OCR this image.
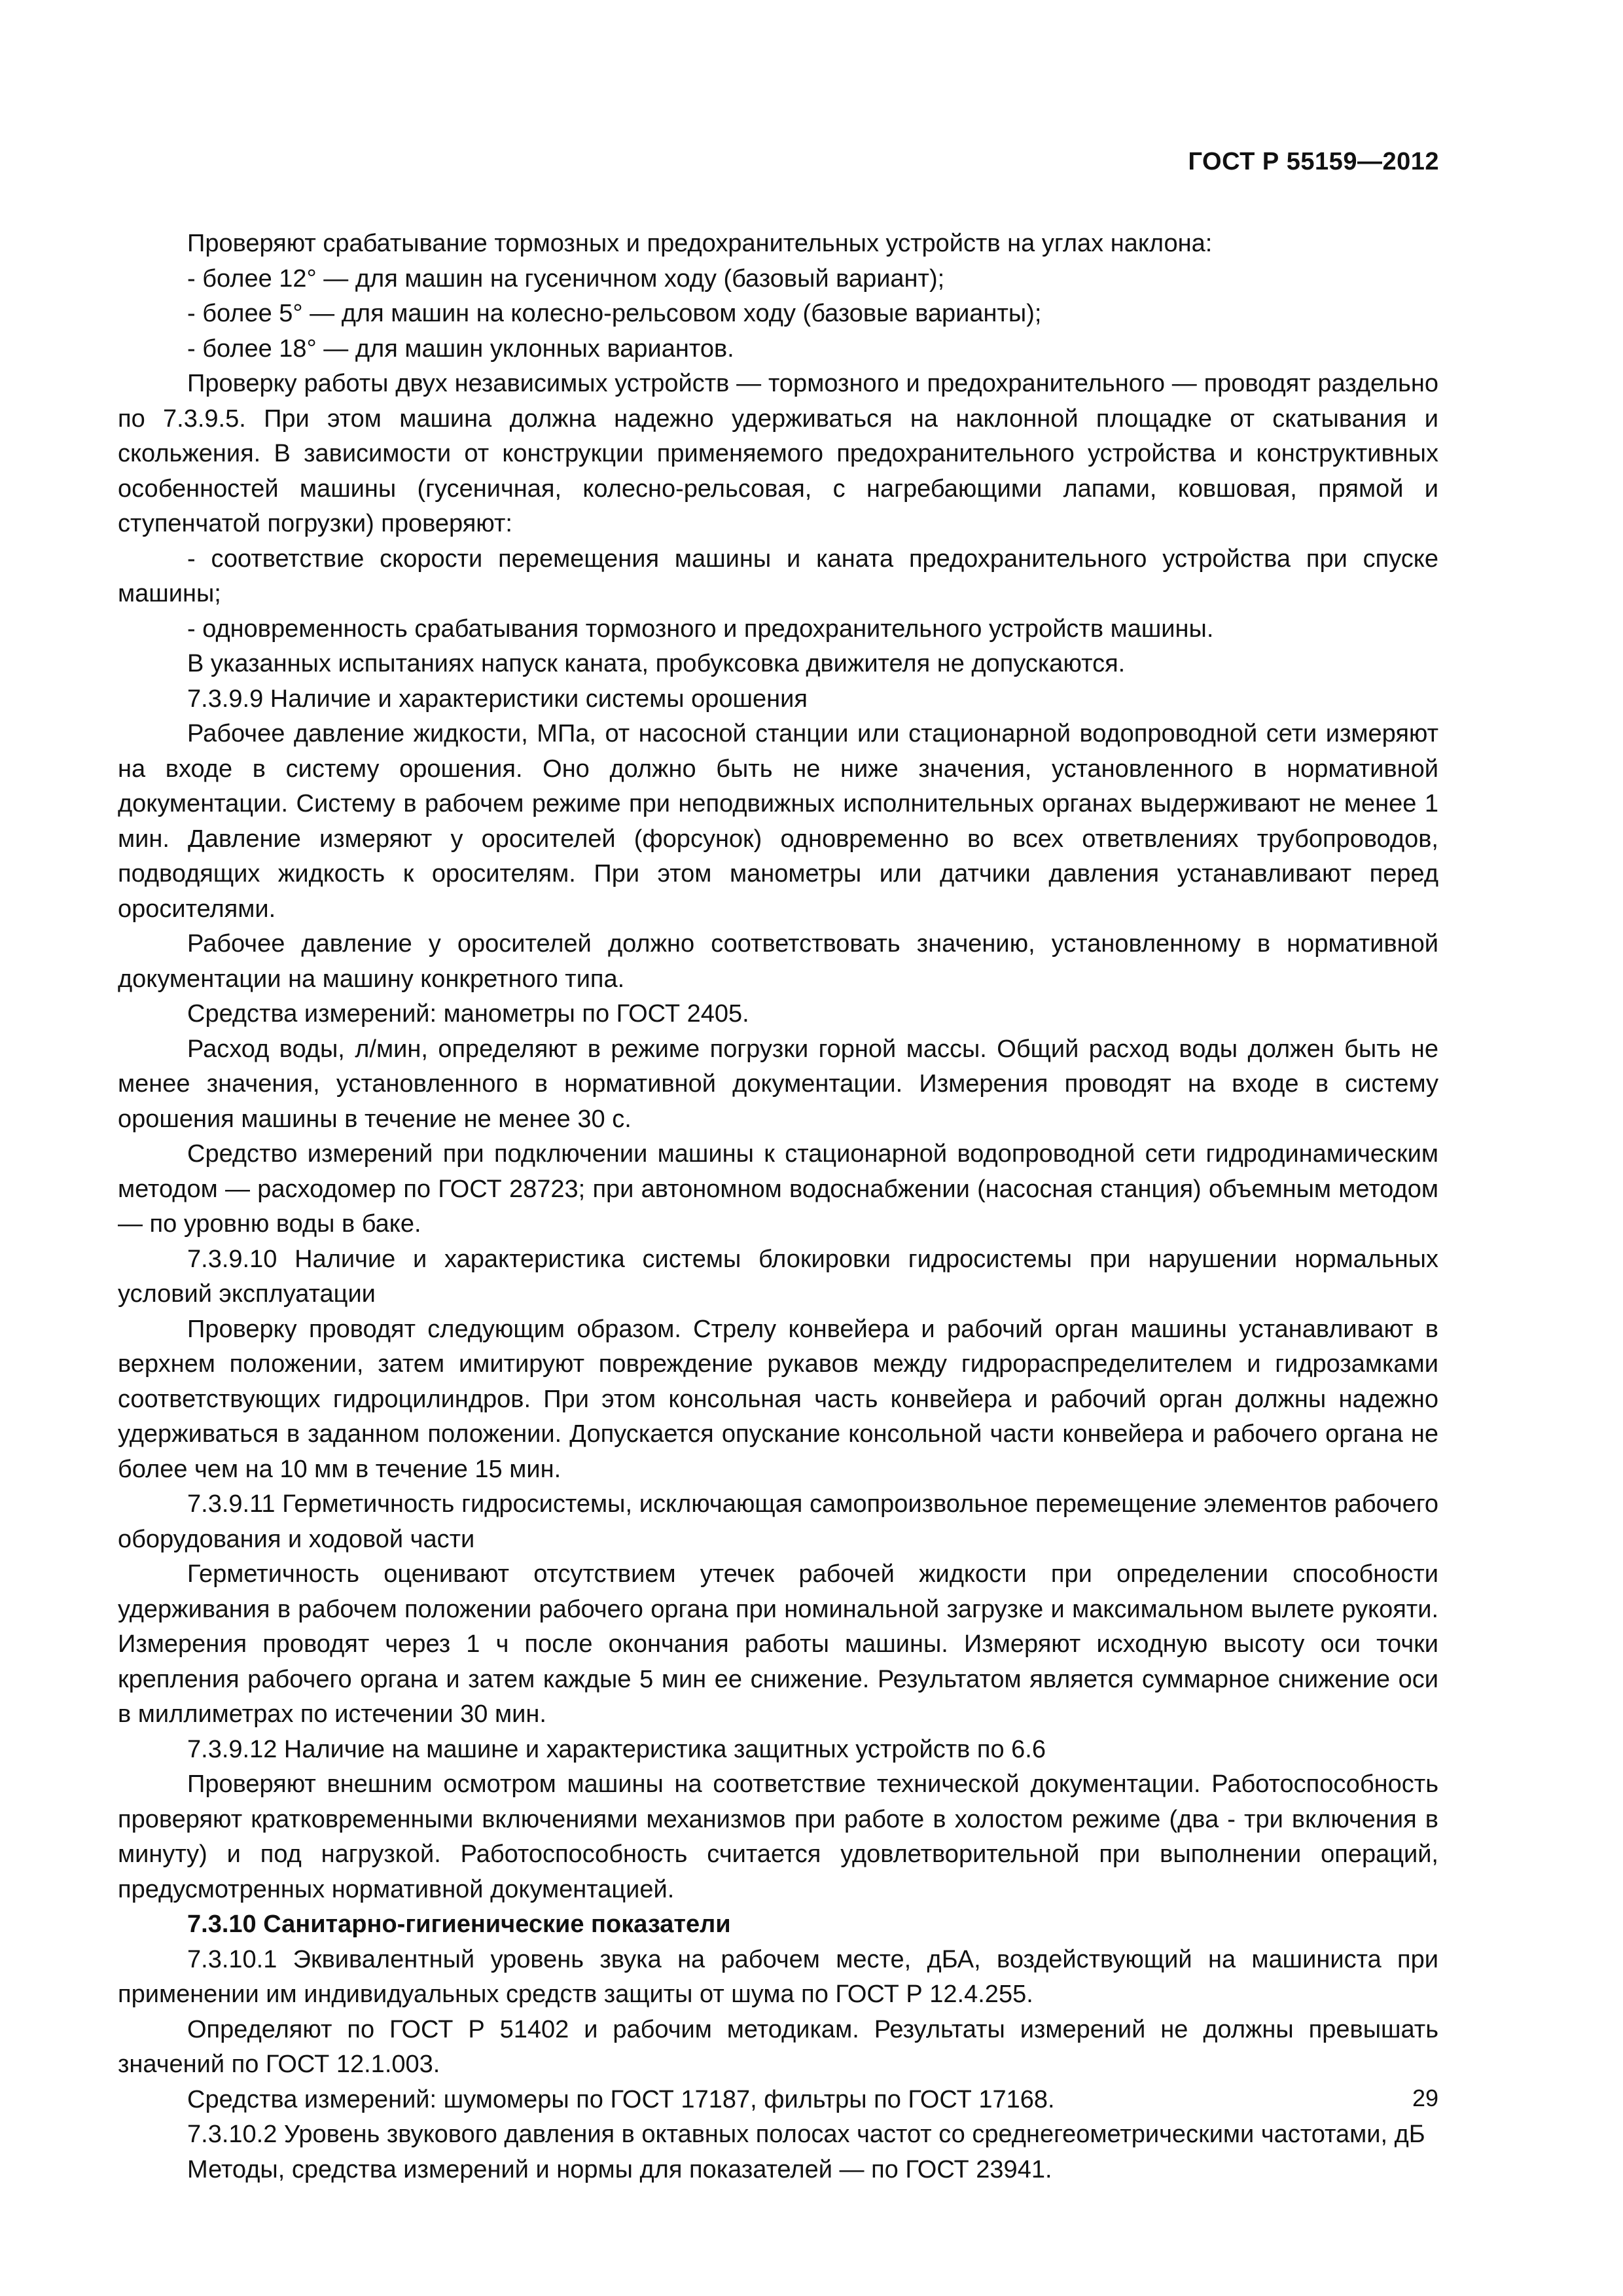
ГОСТ Р 55159—2012

Проверяют срабатывание тормозных и предохранительных устройств на углах наклона:

- более 12° — для машин на гусеничном ходу (базовый вариант);

- более 5° — для машин на колесно-рельсовом ходу (базовые варианты);

- более 18° — для машин уклонных вариантов.

Проверку работы двух независимых устройств — тормозного и предохранительного — проводят раздельно по 7.3.9.5. При этом машина должна надежно удерживаться на наклонной площадке от скатывания и скольжения. В зависимости от конструкции применяемого предохранительного устройства и конструктивных особенностей машины (гусеничная, колесно-рельсовая, с нагребающими лапами, ковшовая, прямой и ступенчатой погрузки) проверяют:

- соответствие скорости перемещения машины и каната предохранительного устройства при спуске машины;

- одновременность срабатывания тормозного и предохранительного устройств машины.

В указанных испытаниях напуск каната, пробуксовка движителя не допускаются.

7.3.9.9 Наличие и характеристики системы орошения

Рабочее давление жидкости, МПа, от насосной станции или стационарной водопроводной сети измеряют на входе в систему орошения. Оно должно быть не ниже значения, установленного в нормативной документации. Систему в рабочем режиме при неподвижных исполнительных органах выдерживают не менее 1 мин. Давление измеряют у оросителей (форсунок) одновременно во всех ответвлениях трубопроводов, подводящих жидкость к оросителям. При этом манометры или датчики давления устанавливают перед оросителями.

Рабочее давление у оросителей должно соответствовать значению, установленному в нормативной документации на машину конкретного типа.

Средства измерений: манометры по ГОСТ 2405.

Расход воды, л/мин, определяют в режиме погрузки горной массы. Общий расход воды должен быть не менее значения, установленного в нормативной документации. Измерения проводят на входе в систему орошения машины в течение не менее 30 с.

Средство измерений при подключении машины к стационарной водопроводной сети гидродинамическим методом — расходомер по ГОСТ 28723; при автономном водоснабжении (насосная станция) объемным методом — по уровню воды в баке.

7.3.9.10 Наличие и характеристика системы блокировки гидросистемы при нарушении нормальных условий эксплуатации

Проверку проводят следующим образом. Стрелу конвейера и рабочий орган машины устанавливают в верхнем положении, затем имитируют повреждение рукавов между гидрораспределителем и гидрозамками соответствующих гидроцилиндров. При этом консольная часть конвейера и рабочий орган должны надежно удерживаться в заданном положении. Допускается опускание консольной части конвейера и рабочего органа не более чем на 10 мм в течение 15 мин.

7.3.9.11 Герметичность гидросистемы, исключающая самопроизвольное перемещение элементов рабочего оборудования и ходовой части

Герметичность оценивают отсутствием утечек рабочей жидкости при определении способности удерживания в рабочем положении рабочего органа при номинальной загрузке и максимальном вылете рукояти. Измерения проводят через 1 ч после окончания работы машины. Измеряют исходную высоту оси точки крепления рабочего органа и затем каждые 5 мин ее снижение. Результатом является суммарное снижение оси в миллиметрах по истечении 30 мин.

7.3.9.12 Наличие на машине и характеристика защитных устройств по 6.6

Проверяют внешним осмотром машины на соответствие технической документации. Работоспособность проверяют кратковременными включениями механизмов при работе в холостом режиме (два - три включения в минуту) и под нагрузкой. Работоспособность считается удовлетворительной при выполнении операций, предусмотренных нормативной документацией.

7.3.10 Санитарно-гигиенические показатели

7.3.10.1 Эквивалентный уровень звука на рабочем месте, дБА, воздействующий на машиниста при применении им индивидуальных средств защиты от шума по ГОСТ Р 12.4.255.

Определяют по ГОСТ Р 51402 и рабочим методикам. Результаты измерений не должны превышать значений по ГОСТ 12.1.003.

Средства измерений: шумомеры по ГОСТ 17187, фильтры по ГОСТ 17168.

7.3.10.2 Уровень звукового давления в октавных полосах частот со среднегеометрическими частотами, дБ

Методы, средства измерений и нормы для показателей — по ГОСТ 23941.

29
